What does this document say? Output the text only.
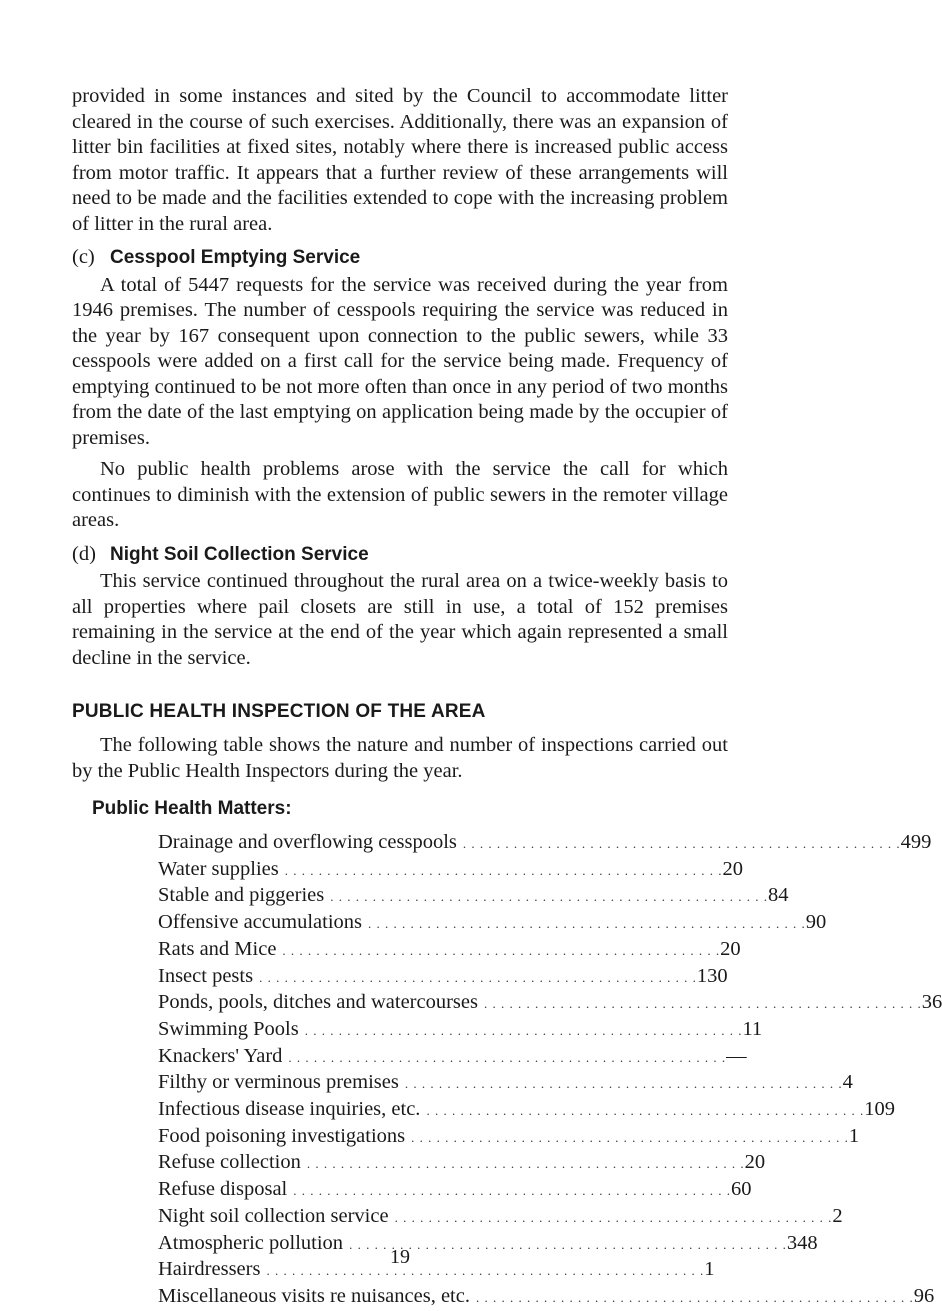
provided in some instances and sited by the Council to accommodate litter cleared in the course of such exercises. Additionally, there was an expansion of litter bin facilities at fixed sites, notably where there is increased public access from motor traffic. It appears that a further review of these arrangements will need to be made and the facilities extended to cope with the increasing problem of litter in the rural area.

(c) Cesspool Emptying Service

A total of 5447 requests for the service was received during the year from 1946 premises. The number of cesspools requiring the service was reduced in the year by 167 consequent upon connection to the public sewers, while 33 cesspools were added on a first call for the service being made. Frequency of emptying continued to be not more often than once in any period of two months from the date of the last emptying on application being made by the occupier of premises.

No public health problems arose with the service the call for which continues to diminish with the extension of public sewers in the remoter village areas.

(d) Night Soil Collection Service

This service continued throughout the rural area on a twice-weekly basis to all properties where pail closets are still in use, a total of 152 premises remaining in the service at the end of the year which again represented a small decline in the service.

PUBLIC HEALTH INSPECTION OF THE AREA

The following table shows the nature and number of inspections carried out by the Public Health Inspectors during the year.

Public Health Matters:
Drainage and overflowing cesspools . . . . . . . . . . . . . . . . . . . . . . . . . . . . . . . . . . . . . . . . . . . . . . . . . . . . 499
Water supplies . . . . . . . . . . . . . . . . . . . . . . . . . . . . . . . . . . . . . . . . . . . . . . . . . . . . 20
Stable and piggeries . . . . . . . . . . . . . . . . . . . . . . . . . . . . . . . . . . . . . . . . . . . . . . . . . . . . 84
Offensive accumulations . . . . . . . . . . . . . . . . . . . . . . . . . . . . . . . . . . . . . . . . . . . . . . . . . . . . 90
Rats and Mice . . . . . . . . . . . . . . . . . . . . . . . . . . . . . . . . . . . . . . . . . . . . . . . . . . . . 20
Insect pests . . . . . . . . . . . . . . . . . . . . . . . . . . . . . . . . . . . . . . . . . . . . . . . . . . . . 130
Ponds, pools, ditches and watercourses . . . . . . . . . . . . . . . . . . . . . . . . . . . . . . . . . . . . . . . . . . . . . . . . . . . . 36
Swimming Pools . . . . . . . . . . . . . . . . . . . . . . . . . . . . . . . . . . . . . . . . . . . . . . . . . . . . 11
Knackers' Yard . . . . . . . . . . . . . . . . . . . . . . . . . . . . . . . . . . . . . . . . . . . . . . . . . . . . —
Filthy or verminous premises . . . . . . . . . . . . . . . . . . . . . . . . . . . . . . . . . . . . . . . . . . . . . . . . . . . . 4
Infectious disease inquiries, etc. . . . . . . . . . . . . . . . . . . . . . . . . . . . . . . . . . . . . . . . . . . . . . . . . . . . . 109
Food poisoning investigations . . . . . . . . . . . . . . . . . . . . . . . . . . . . . . . . . . . . . . . . . . . . . . . . . . . . 1
Refuse collection . . . . . . . . . . . . . . . . . . . . . . . . . . . . . . . . . . . . . . . . . . . . . . . . . . . . 20
Refuse disposal . . . . . . . . . . . . . . . . . . . . . . . . . . . . . . . . . . . . . . . . . . . . . . . . . . . . 60
Night soil collection service . . . . . . . . . . . . . . . . . . . . . . . . . . . . . . . . . . . . . . . . . . . . . . . . . . . . 2
Atmospheric pollution . . . . . . . . . . . . . . . . . . . . . . . . . . . . . . . . . . . . . . . . . . . . . . . . . . . . 348
Hairdressers . . . . . . . . . . . . . . . . . . . . . . . . . . . . . . . . . . . . . . . . . . . . . . . . . . . . 1
Miscellaneous visits re nuisances, etc. . . . . . . . . . . . . . . . . . . . . . . . . . . . . . . . . . . . . . . . . . . . . . . . . . . . . 96
19
